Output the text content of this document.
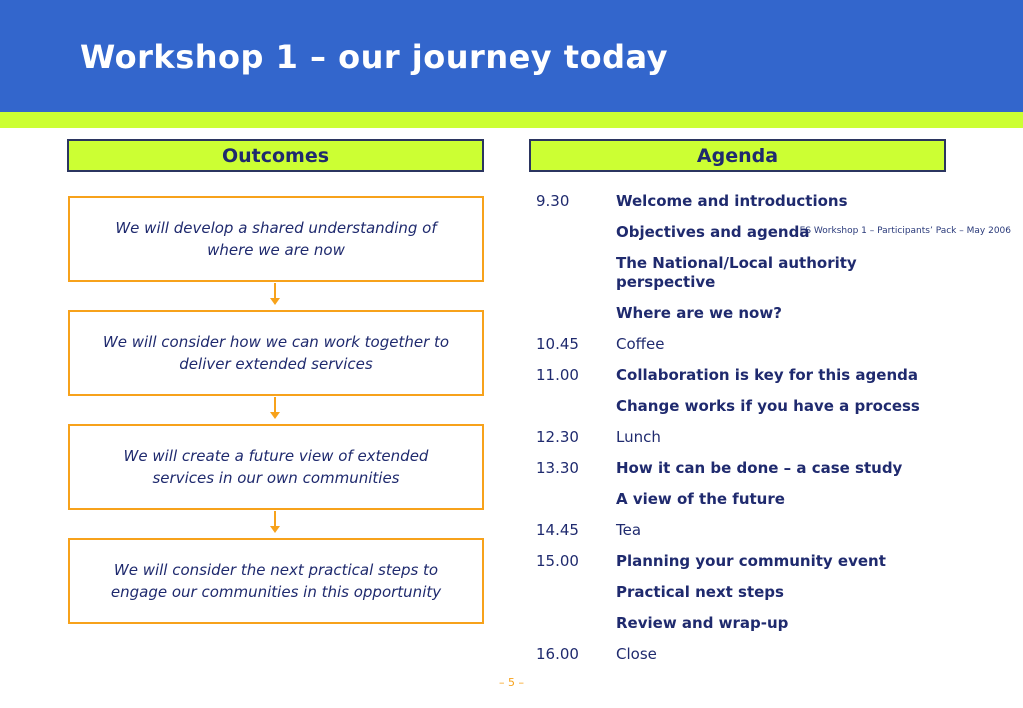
Workshop 1 – our journey today
ES Workshop 1 – Participants’ Pack – May 2006
Outcomes	Agenda
We will develop a shared understanding of where we are now
We will consider how we can work together to deliver extended services
We will create a future view of extended services in our own communities
We will consider the next practical steps to engage our communities in this opportunity
9.30	Welcome and introductions
Objectives and agenda
The National/Local authority perspective
Where are we now?
10.45	Coffee
11.00	Collaboration is key for this agenda
Change works if you have a process
12.30	Lunch
13.30	How it can be done – a case study
A view of the future
14.45	Tea
15.00	Planning your community event
Practical next steps
Review and wrap-up
16.00	Close
– 5 –
